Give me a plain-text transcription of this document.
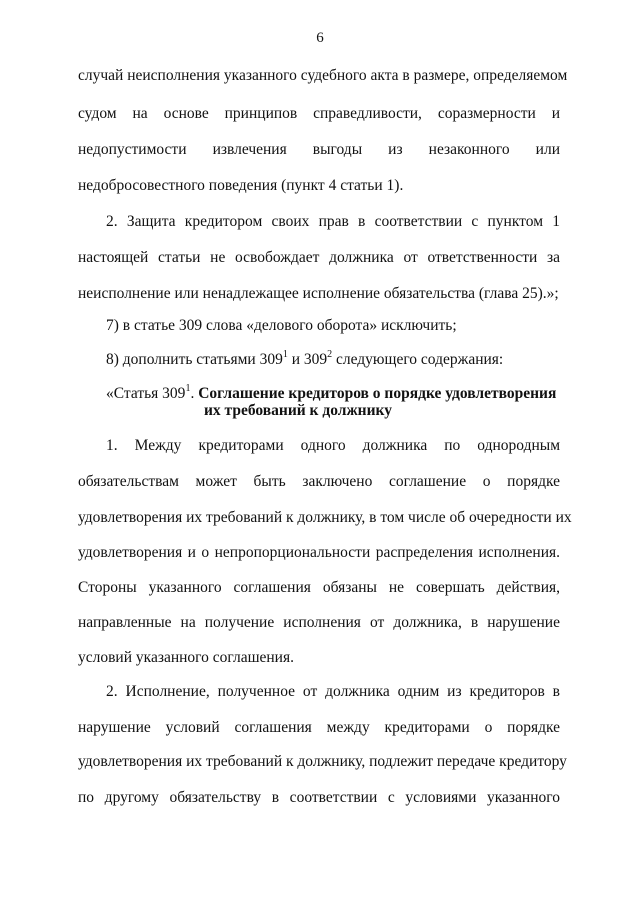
6
случай неисполнения указанного судебного акта в размере, определяемом
судом на основе принципов справедливости, соразмерности и
недопустимости извлечения выгоды из незаконного или
недобросовестного поведения (пункт 4 статьи 1).
2. Защита кредитором своих прав в соответствии с пунктом 1
настоящей статьи не освобождает должника от ответственности за
неисполнение или ненадлежащее исполнение обязательства (глава 25).»;
7) в статье 309 слова «делового оборота» исключить;
8) дополнить статьями $309^1$ и $309^2$ следующего содержания:
«Статья $309^1$. Соглашение кредиторов о порядке удовлетворения
их требований к должнику
1. Между кредиторами одного должника по однородным
обязательствам может быть заключено соглашение о порядке
удовлетворения их требований к должнику, в том числе об очередности их
удовлетворения и о непропорциональности распределения исполнения.
Стороны указанного соглашения обязаны не совершать действия,
направленные на получение исполнения от должника, в нарушение
условий указанного соглашения.
2. Исполнение, полученное от должника одним из кредиторов в
нарушение условий соглашения между кредиторами о порядке
удовлетворения их требований к должнику, подлежит передаче кредитору
по другому обязательству в соответствии с условиями указанного
